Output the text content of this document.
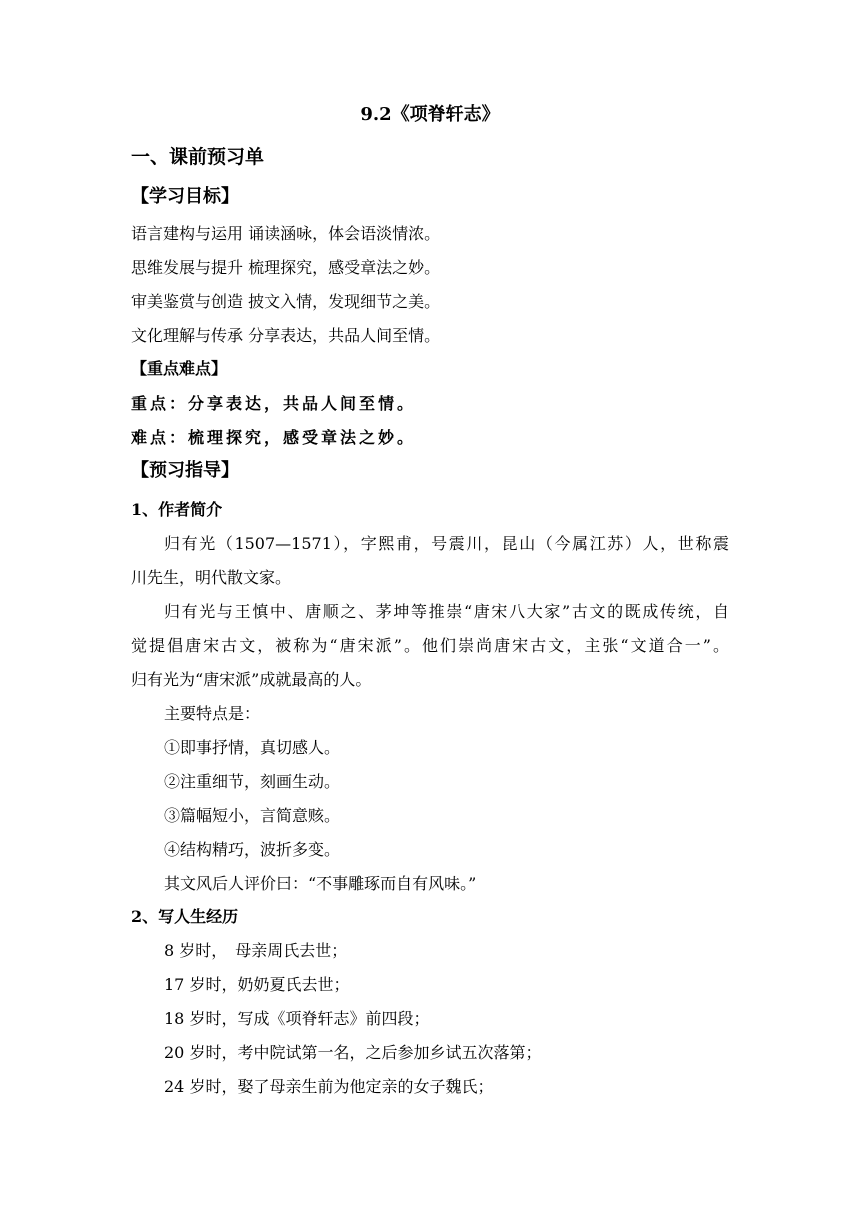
9.2《项脊轩志》
一、课前预习单
【学习目标】
语言建构与运用 诵读涵咏，体会语淡情浓。
思维发展与提升 梳理探究，感受章法之妙。
审美鉴赏与创造 披文入情，发现细节之美。
文化理解与传承 分享表达，共品人间至情。
【重点难点】
重点：分享表达，共品人间至情。
难点：梳理探究，感受章法之妙。
【预习指导】
1、作者简介
归有光（1507—1571），字熙甫，号震川，昆山（今属江苏）人，世称震
川先生，明代散文家。
归有光与王慎中、唐顺之、茅坤等推崇“唐宋八大家”古文的既成传统，自
觉提倡唐宋古文，被称为“唐宋派”。他们崇尚唐宋古文，主张“文道合一”。
归有光为“唐宋派”成就最高的人。
主要特点是：
①即事抒情，真切感人。
②注重细节，刻画生动。
③篇幅短小，言简意赅。
④结构精巧，波折多变。
其文风后人评价曰：“不事雕琢而自有风味。”
2、写人生经历
8 岁时，　母亲周氏去世；
17 岁时，奶奶夏氏去世；
18 岁时，写成《项脊轩志》前四段；
20 岁时，考中院试第一名，之后参加乡试五次落第；
24 岁时，娶了母亲生前为他定亲的女子魏氏；
